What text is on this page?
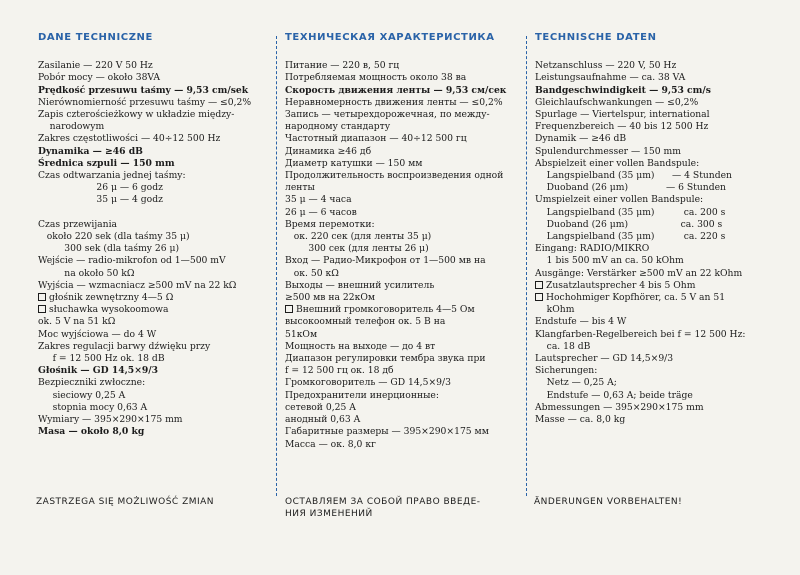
DANE TECHNICZNE
Zasilanie — 220 V 50 Hz
Pobór mocy — około 38VA
Prędkość przesuwu taśmy — 9,53 cm/sek
Nierównomierność przesuwu taśmy — ≤0,2%
Zapis czterościeżkowy w układzie między-
narodowym
Zakres częstotliwości — 40÷12 500 Hz
Dynamika — ≥46 dB
Średnica szpuli — 150 mm
Czas odtwarzania jednej taśmy:
26 μ — 6 godz
35 μ — 4 godz

Czas przewijania
około 220 sek (dla taśmy 35 μ)
300 sek (dla taśmy 26 μ)
Wejście — radio-mikrofon od 1—500 mV
na około 50 kΩ
Wyjścia — wzmacniacz ≥500 mV na 22 kΩ
głośnik zewnętrzny 4—5 Ω
słuchawka wysokoomowa
ok. 5 V na 51 kΩ
Moc wyjściowa — do 4 W
Zakres regulacji barwy dźwięku przy
f = 12 500 Hz ok. 18 dB
Głośnik — GD 14,5×9/3
Bezpieczniki zwłoczne:
sieciowy 0,25 A
stopnia mocy 0,63 A
Wymiary — 395×290×175 mm
Masa — około 8,0 kg
ТЕХНИЧЕСКАЯ ХАРАКТЕРИСТИКА
Питание — 220 в, 50 гц
Потребляемая мощность около 38 ва
Скорость движения ленты — 9,53 см/сек
Неравномерность движения ленты — ≤0,2%
Запись — четырехдорожечная, по между-
народному стандарту
Частотный диапазон — 40÷12 500 гц
Динамика ≥46 дб
Диаметр катушки — 150 мм
Продолжительность воспроизведения одной
ленты
35 μ — 4 часа
26 μ — 6 часов
Время перемотки:
ок. 220 сек (для ленты 35 μ)
300 сек (для ленты 26 μ)
Вход — Радио-Микрофон от 1—500 мв на
ок. 50 кΩ
Выходы — внешний усилитель
≥500 мв на 22кОм
Внешний громкоговоритель 4—5 Ом
высокоомный телефон ок. 5 В на
51кОм
Мощность на выходе — до 4 вт
Диапазон регулировки тембра звука при
f = 12 500 гц ок. 18 дб
Громкоговоритель — GD 14,5×9/3
Предохранители инерционные:
сетевой 0,25 A
анодный 0,63 A
Габаритные размеры — 395×290×175 мм
Масса — ок. 8,0 кг
TECHNISCHE DATEN
Netzanschluss — 220 V, 50 Hz
Leistungsaufnahme — ca. 38 VA
Bandgeschwindigkeit — 9,53 cm/s
Gleichlaufschwankungen — ≤0,2%
Spurlage — Viertelspur, international
Frequenzbereich — 40 bis 12 500 Hz
Dynamik — ≥46 dB
Spulendurchmesser — 150 mm
Abspielzeit einer vollen Bandspule:
Langspielband (35 μm)      — 4 Stunden
Duoband (26 μm)             — 6 Stunden
Umspielzeit einer vollen Bandspule:
Langspielband (35 μm)          ca. 200 s
Duoband (26 μm)                  ca. 300 s
Langspielband (35 μm)          ca. 220 s
Eingang: RADIO/MIKRO
1 bis 500 mV an ca. 50 kOhm
Ausgänge: Verstärker ≥500 mV an 22 kOhm
Zusatzlautsprecher 4 bis 5 Ohm
Hochohmiger Kopfhörer, ca. 5 V an 51
kOhm
Endstufe — bis 4 W
Klangfarben-Regelbereich bei f = 12 500 Hz:
ca. 18 dB
Lautsprecher — GD 14,5×9/3
Sicherungen:
Netz — 0,25 A;
Endstufe — 0,63 A; beide träge
Abmessungen — 395×290×175 mm
Masse — ca. 8,0 kg
ZASTRZEGA SIĘ MOŻLIWOŚĆ ZMIAN	ОСТАВЛЯЕМ ЗА СОБОЙ ПРАВО ВВЕДЕ-
НИЯ ИЗМЕНЕНИЙ
ÄNDERUNGEN VORBEHALTEN!
